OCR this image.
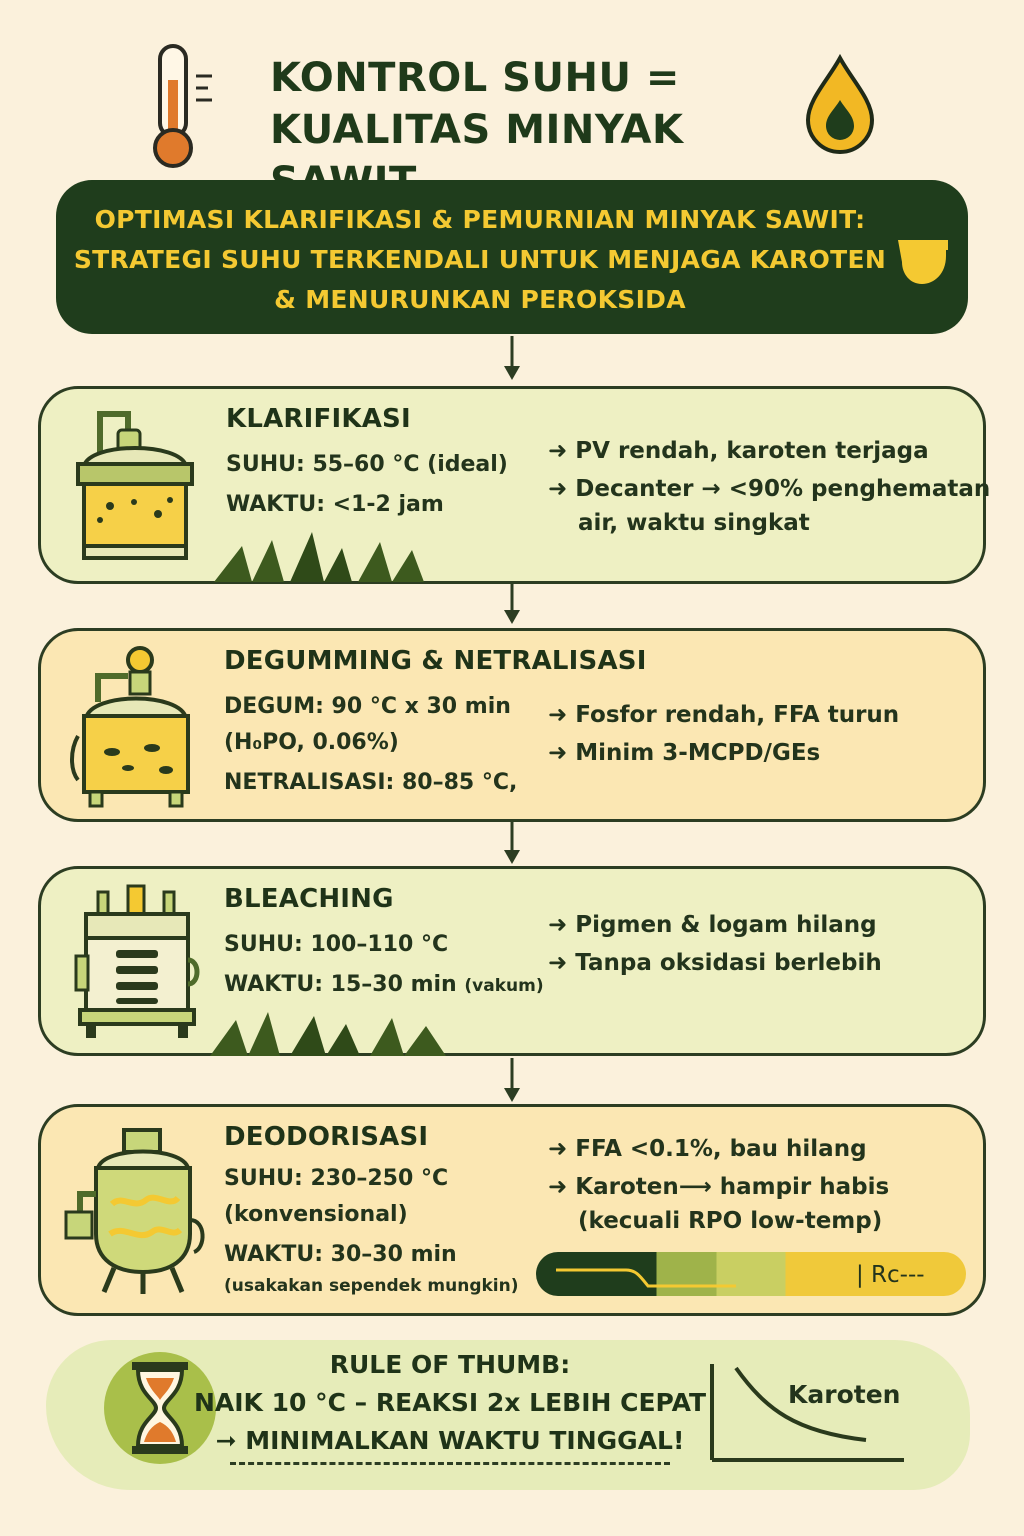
KONTROL SUHU =
KUALITAS MINYAK
OPTIMASI KLARIFIKASI & PEMURNIAN MINYAK SAWIT: STRATEGI SUHU TERKENDALI UNTUK MENJAGA KAROTEN & MENURUNKAN PEROKSIDA
KLARIFIKASI
SUHU: 55–60 °C (ideal)
WAKTU: <1-2 jam
➜ PV rendah, karoten terjaga
➜ Decanter → <90% penghematan
air, waktu singkat
DEGUMMING & NETRALISASI
DEGUM: 90 °C x 30 min
(H₀PO, 0.06%)
NETRALISASI: 80–85 °C,
➜ Fosfor rendah, FFA turun
➜ Minim 3-MCPD/GEs
BLEACHING
SUHU: 100–110 °C
WAKTU: 15–30 min (vakum)
➜ Pigmen & logam hilang
➜ Tanpa oksidasi berlebih
DEODORISASI
SUHU: 230–250 °C
(konvensional)
WAKTU: 30–30 min
(usakakan sependek mungkin)
➜ FFA <0.1%, bau hilang
➜ Karoten⟶ hampir habis
(kecuali RPO low-temp)
| Rc---
RULE OF THUMB:
NAIK 10 °C – REAKSI 2x LEBIH CEPAT
➞ MINIMALKAN WAKTU TINGGAL!
Karoten
